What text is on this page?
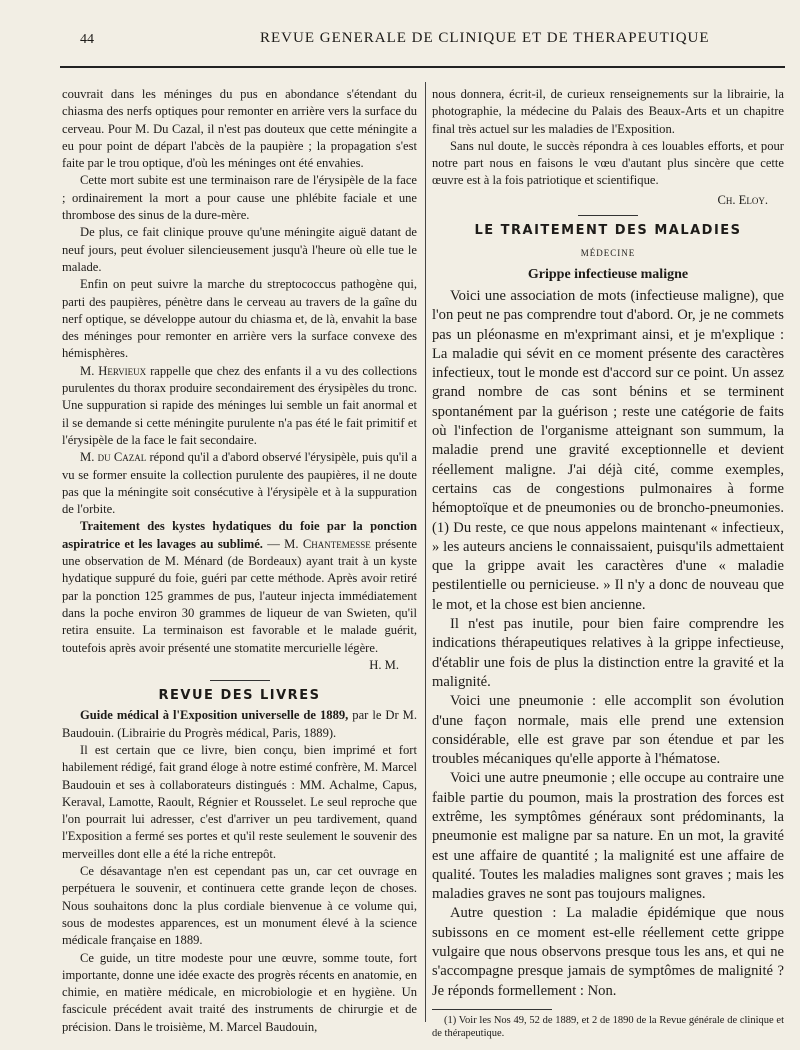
44	REVUE GENERALE DE CLINIQUE ET DE THERAPEUTIQUE

couvrait dans les méninges du pus en abondance s'étendant du chiasma des nerfs optiques pour remonter en arrière vers la surface du cerveau. Pour M. Du Cazal, il n'est pas douteux que cette méningite a eu pour point de départ l'abcès de la paupière ; la propagation s'est faite par le trou optique, d'où les méninges ont été envahies.

Cette mort subite est une terminaison rare de l'érysipèle de la face ; ordinairement la mort a pour cause une phlébite faciale et une thrombose des sinus de la dure-mère.

De plus, ce fait clinique prouve qu'une méningite aiguë datant de neuf jours, peut évoluer silencieusement jusqu'à l'heure où elle tue le malade.

Enfin on peut suivre la marche du streptococcus pathogène qui, parti des paupières, pénètre dans le cerveau au travers de la gaîne du nerf optique, se développe autour du chiasma et, de là, envahit la base des méninges pour remonter en arrière vers la surface convexe des hémisphères.

M. Hervieux rappelle que chez des enfants il a vu des collections purulentes du thorax produire secondairement des érysipèles du tronc. Une suppuration si rapide des méninges lui semble un fait anormal et il se demande si cette méningite purulente n'a pas été le fait primitif et l'érysipèle de la face le fait secondaire.

M. du Cazal répond qu'il a d'abord observé l'érysipèle, puis qu'il a vu se former ensuite la collection purulente des paupières, il ne doute pas que la méningite soit consécutive à l'érysipèle et à la suppuration de l'orbite.

Traitement des kystes hydatiques du foie par la ponction aspiratrice et les lavages au sublimé. — M. Chantemesse présente une observation de M. Ménard (de Bordeaux) ayant trait à un kyste hydatique suppuré du foie, guéri par cette méthode. Après avoir retiré par la ponction 125 grammes de pus, l'auteur injecta immédiatement dans la poche environ 30 grammes de liqueur de van Swieten, qu'il retira ensuite. La terminaison est favorable et le malade guérit, toutefois après avoir présenté une stomatite mercurielle légère.

H. M.

REVUE DES LIVRES

Guide médical à l'Exposition universelle de 1889, par le Dr M. Baudouin. (Librairie du Progrès médical, Paris, 1889).

Il est certain que ce livre, bien conçu, bien imprimé et fort habilement rédigé, fait grand éloge à notre estimé confrère, M. Marcel Baudouin et ses à collaborateurs distingués : MM. Achalme, Capus, Keraval, Lamotte, Raoult, Régnier et Rousselet. Le seul reproche que l'on pourrait lui adresser, c'est d'arriver un peu tardivement, quand l'Exposition a fermé ses portes et qu'il reste seulement le souvenir des merveilles dont elle a été la riche entrepôt.

Ce désavantage n'en est cependant pas un, car cet ouvrage en perpétuera le souvenir, et continuera cette grande leçon de choses. Nous souhaitons donc la plus cordiale bienvenue à ce volume qui, sous de modestes apparences, est un monument élevé à la science médicale française en 1889.

Ce guide, un titre modeste pour une œuvre, somme toute, fort importante, donne une idée exacte des progrès récents en anatomie, en chimie, en matière médicale, en microbiologie et en hygiène. Un fascicule précédent avait traité des instruments de chirurgie et de précision. Dans le troisième, M. Marcel Baudouin,

nous donnera, écrit-il, de curieux renseignements sur la librairie, la photographie, la médecine du Palais des Beaux-Arts et un chapitre final très actuel sur les maladies de l'Exposition.

Sans nul doute, le succès répondra à ces louables efforts, et pour notre part nous en faisons le vœu d'autant plus sincère que cette œuvre est à la fois patriotique et scientifique.

Ch. Eloy.

LE TRAITEMENT DES MALADIES

MÉDECINE

Grippe infectieuse maligne

Voici une association de mots (infectieuse maligne), que l'on peut ne pas comprendre tout d'abord. Or, je ne commets pas un pléonasme en m'exprimant ainsi, et je m'explique : La maladie qui sévit en ce moment présente des caractères infectieux, tout le monde est d'accord sur ce point. Un assez grand nombre de cas sont bénins et se terminent spontanément par la guérison ; reste une catégorie de faits où l'infection de l'organisme atteignant son summum, la maladie prend une gravité exceptionnelle et devient réellement maligne. J'ai déjà cité, comme exemples, certains cas de congestions pulmonaires à forme hémoptoïque et de pneumonies ou de broncho-pneumonies. (1) Du reste, ce que nous appelons maintenant « infectieux, » les auteurs anciens le connaissaient, puisqu'ils admettaient que la grippe avait les caractères d'une « maladie pestilentielle ou pernicieuse. » Il n'y a donc de nouveau que le mot, et la chose est bien ancienne.

Il n'est pas inutile, pour bien faire comprendre les indications thérapeutiques relatives à la grippe infectieuse, d'établir une fois de plus la distinction entre la gravité et la malignité.

Voici une pneumonie : elle accomplit son évolution d'une façon normale, mais elle prend une extension considérable, elle est grave par son étendue et par les troubles mécaniques qu'elle apporte à l'hématose.

Voici une autre pneumonie ; elle occupe au contraire une faible partie du poumon, mais la prostration des forces est extrême, les symptômes généraux sont prédominants, la pneumonie est maligne par sa nature. En un mot, la gravité est une affaire de quantité ; la malignité est une affaire de qualité. Toutes les maladies malignes sont graves ; mais les maladies graves ne sont pas toujours malignes.

Autre question : La maladie épidémique que nous subissons en ce moment est-elle réellement cette grippe vulgaire que nous observons presque tous les ans, et qui ne s'accompagne presque jamais de symptômes de malignité ? Je réponds formellement : Non.

(1) Voir les Nos 49, 52 de 1889, et 2 de 1890 de la Revue générale de clinique et de thérapeutique.
